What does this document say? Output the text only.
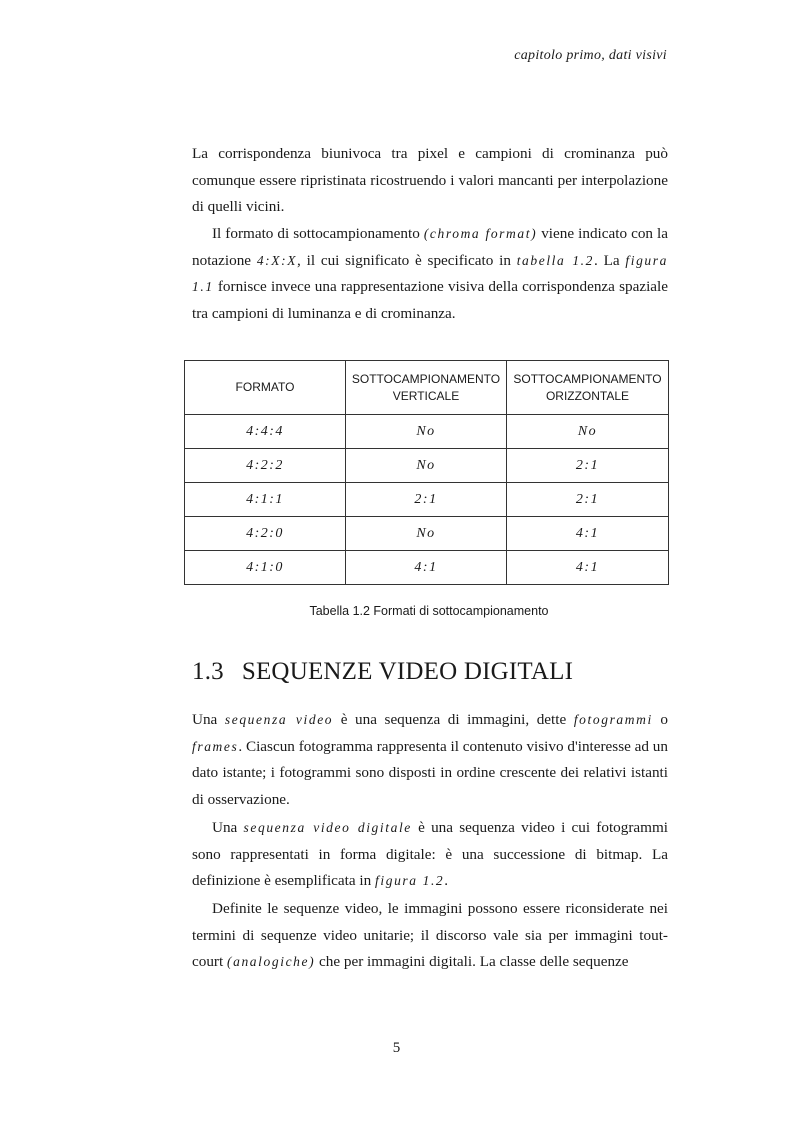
capitolo primo, dati visivi

La corrispondenza biunivoca tra pixel e campioni di crominanza può comunque essere ripristinata ricostruendo i valori mancanti per interpolazione di quelli vicini.

Il formato di sottocampionamento (chroma format) viene indicato con la notazione 4:X:X, il cui significato è specificato in tabella 1.2. La figura 1.1 fornisce invece una rappresentazione visiva della corrispondenza spaziale tra campioni di luminanza e di crominanza.

FORMATO	SOTTOCAMPIONAMENTO VERTICALE	SOTTOCAMPIONAMENTO ORIZZONTALE
4:4:4	No	No
4:2:2	No	2:1
4:1:1	2:1	2:1
4:2:0	No	4:1
4:1:0	4:1	4:1
Tabella 1.2 Formati di sottocampionamento
1.3 SEQUENZE VIDEO DIGITALI

Una sequenza video è una sequenza di immagini, dette fotogrammi o frames. Ciascun fotogramma rappresenta il contenuto visivo d'interesse ad un dato istante; i fotogrammi sono disposti in ordine crescente dei relativi istanti di osservazione.

Una sequenza video digitale è una sequenza video i cui fotogrammi sono rappresentati in forma digitale: è una successione di bitmap. La definizione è esemplificata in figura 1.2.

Definite le sequenze video, le immagini possono essere riconsiderate nei termini di sequenze video unitarie; il discorso vale sia per immagini tout-court (analogiche) che per immagini digitali. La classe delle sequenze

5
